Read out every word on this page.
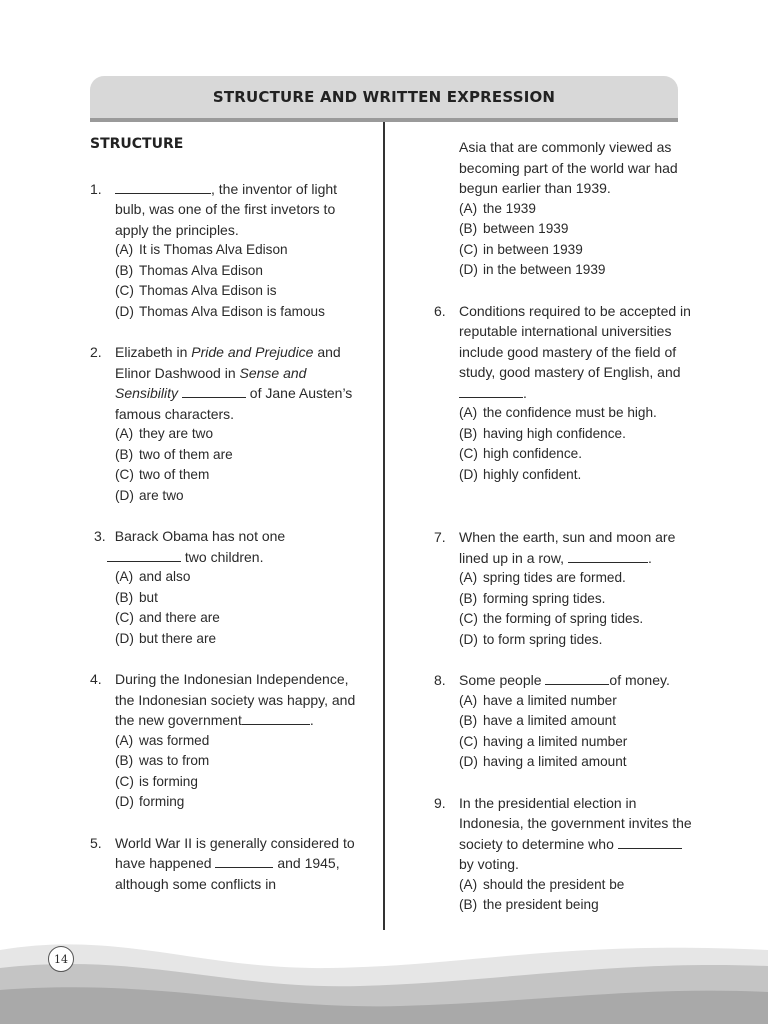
STRUCTURE AND WRITTEN EXPRESSION
STRUCTURE
1.	, the inventor of light bulb, was one of the first invetors to apply the principles.
(A) It is Thomas Alva Edison
(B) Thomas Alva Edison
(C) Thomas Alva Edison is
(D) Thomas Alva Edison is famous
2. Elizabeth in Pride and Prejudice and Elinor Dashwood in Sense and Sensibility	of Jane Austen’s famous characters.
(A) they are two
(B) two of them are
(C) two of them
(D) are two
3. Barack Obama has not one
two children.
(A) and also
(B) but
(C) and there are
(D) but there are
4. During the Indonesian Independence, the Indonesian society was happy, and the new government	.
(A) was formed
(B) was to from
(C) is forming
(D) forming
5. World War II is generally considered to have happened	and 1945, although some conflicts in
Asia that are commonly viewed as becoming part of the world war had begun earlier than 1939.
(A) the 1939
(B) between 1939
(C) in between 1939
(D) in the between 1939
6. Conditions required to be accepted in reputable international universities include good mastery of the field of study, good mastery of English, and .
(A) the confidence must be high.
(B) having high confidence.
(C) high confidence.
(D) highly confident.
7. When the earth, sun and moon are lined up in a row,	.
(A) spring tides are formed.
(B) forming spring tides.
(C) the forming of spring tides.
(D) to form spring tides.
8. Some people	of money.
(A) have a limited number
(B) have a limited amount
(C) having a limited number
(D) having a limited amount
9. In the presidential election in Indonesia, the government invites the society to determine who by voting.
(A) should the president be
(B) the president being
14
